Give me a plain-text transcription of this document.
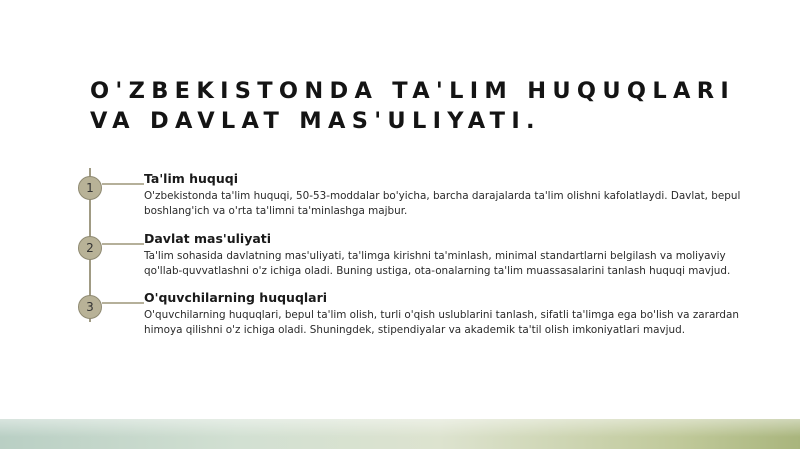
O'ZBEKISTONDA TA'LIM HUQUQLARI VA DAVLAT MAS'ULIYATI.
1

Ta'lim huquqi

O'zbekistonda ta'lim huquqi, 50-53-moddalar bo'yicha, barcha darajalarda ta'lim olishni kafolatlaydi. Davlat, bepul boshlang'ich va o'rta ta'limni ta'minlashga majbur.

2

Davlat mas'uliyati

Ta'lim sohasida davlatning mas'uliyati, ta'limga kirishni ta'minlash, minimal standartlarni belgilash va moliyaviy qo'llab-quvvatlashni o'z ichiga oladi. Buning ustiga, ota-onalarning ta'lim muassasalarini tanlash huquqi mavjud.

3

O'quvchilarning huquqlari

O'quvchilarning huquqlari, bepul ta'lim olish, turli o'qish uslublarini tanlash, sifatli ta'limga ega bo'lish va zarardan himoya qilishni o'z ichiga oladi. Shuningdek, stipendiyalar va akademik ta'til olish imkoniyatlari mavjud.
